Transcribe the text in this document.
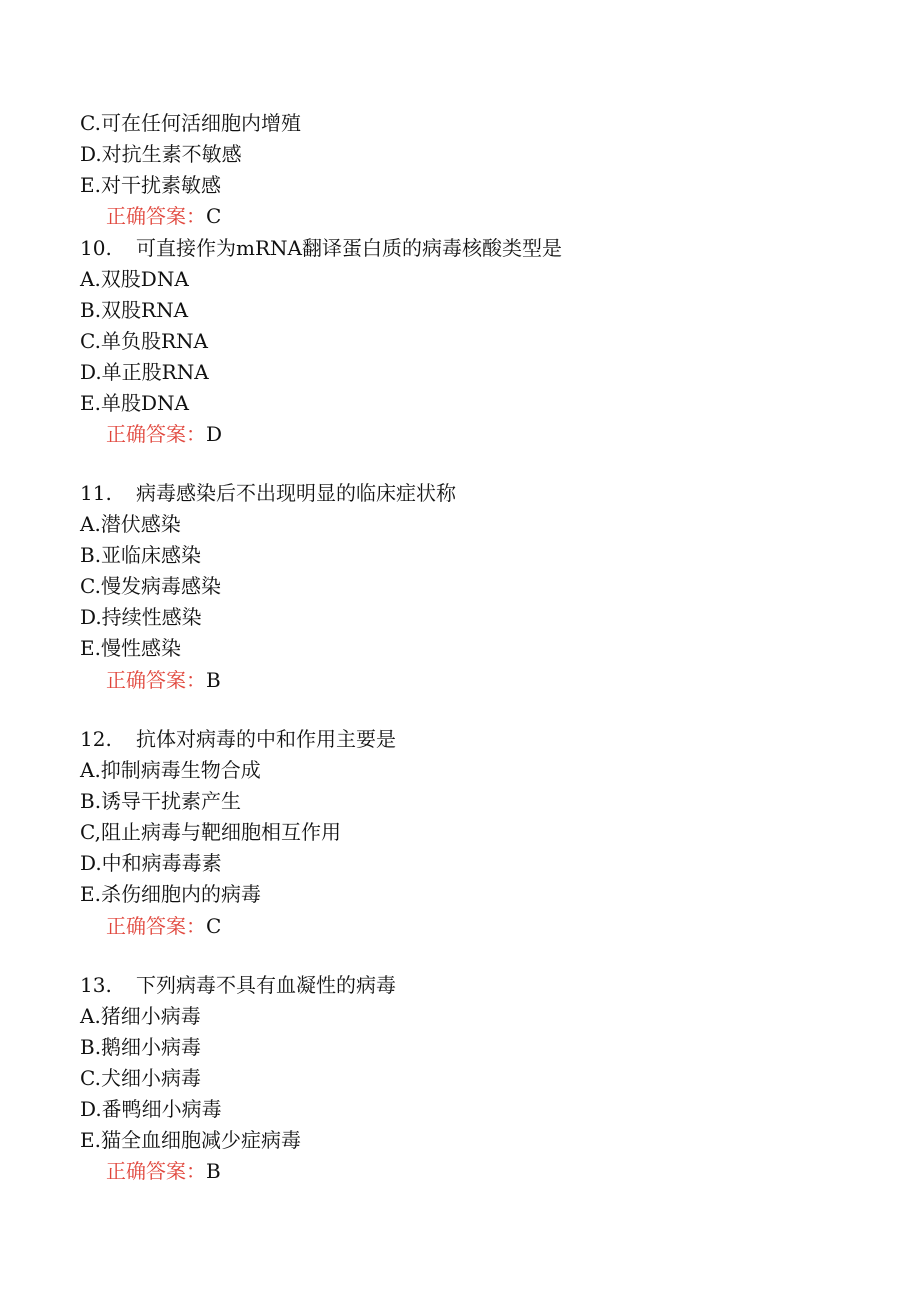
C.可在任何活细胞内增殖
D.对抗生素不敏感
E.对干扰素敏感
正确答案：C
10. 可直接作为mRNΑ翻译蛋白质的病毒核酸类型是
A.双股DNA
B.双股RNA
C.单负股RNA
D.单正股RNA
E.单股DNA
正确答案：D
11. 病毒感染后不出现明显的临床症状称
A.潜伏感染
B.亚临床感染
C.慢发病毒感染
D.持续性感染
E.慢性感染
正确答案：B
12. 抗体对病毒的中和作用主要是
A.抑制病毒生物合成
B.诱导干扰素产生
C,阻止病毒与靶细胞相互作用
D.中和病毒毒素
E.杀伤细胞内的病毒
正确答案：C
13. 下列病毒不具有血凝性的病毒
A.猪细小病毒
B.鹅细小病毒
C.犬细小病毒
D.番鸭细小病毒
E.猫全血细胞减少症病毒
正确答案：B
